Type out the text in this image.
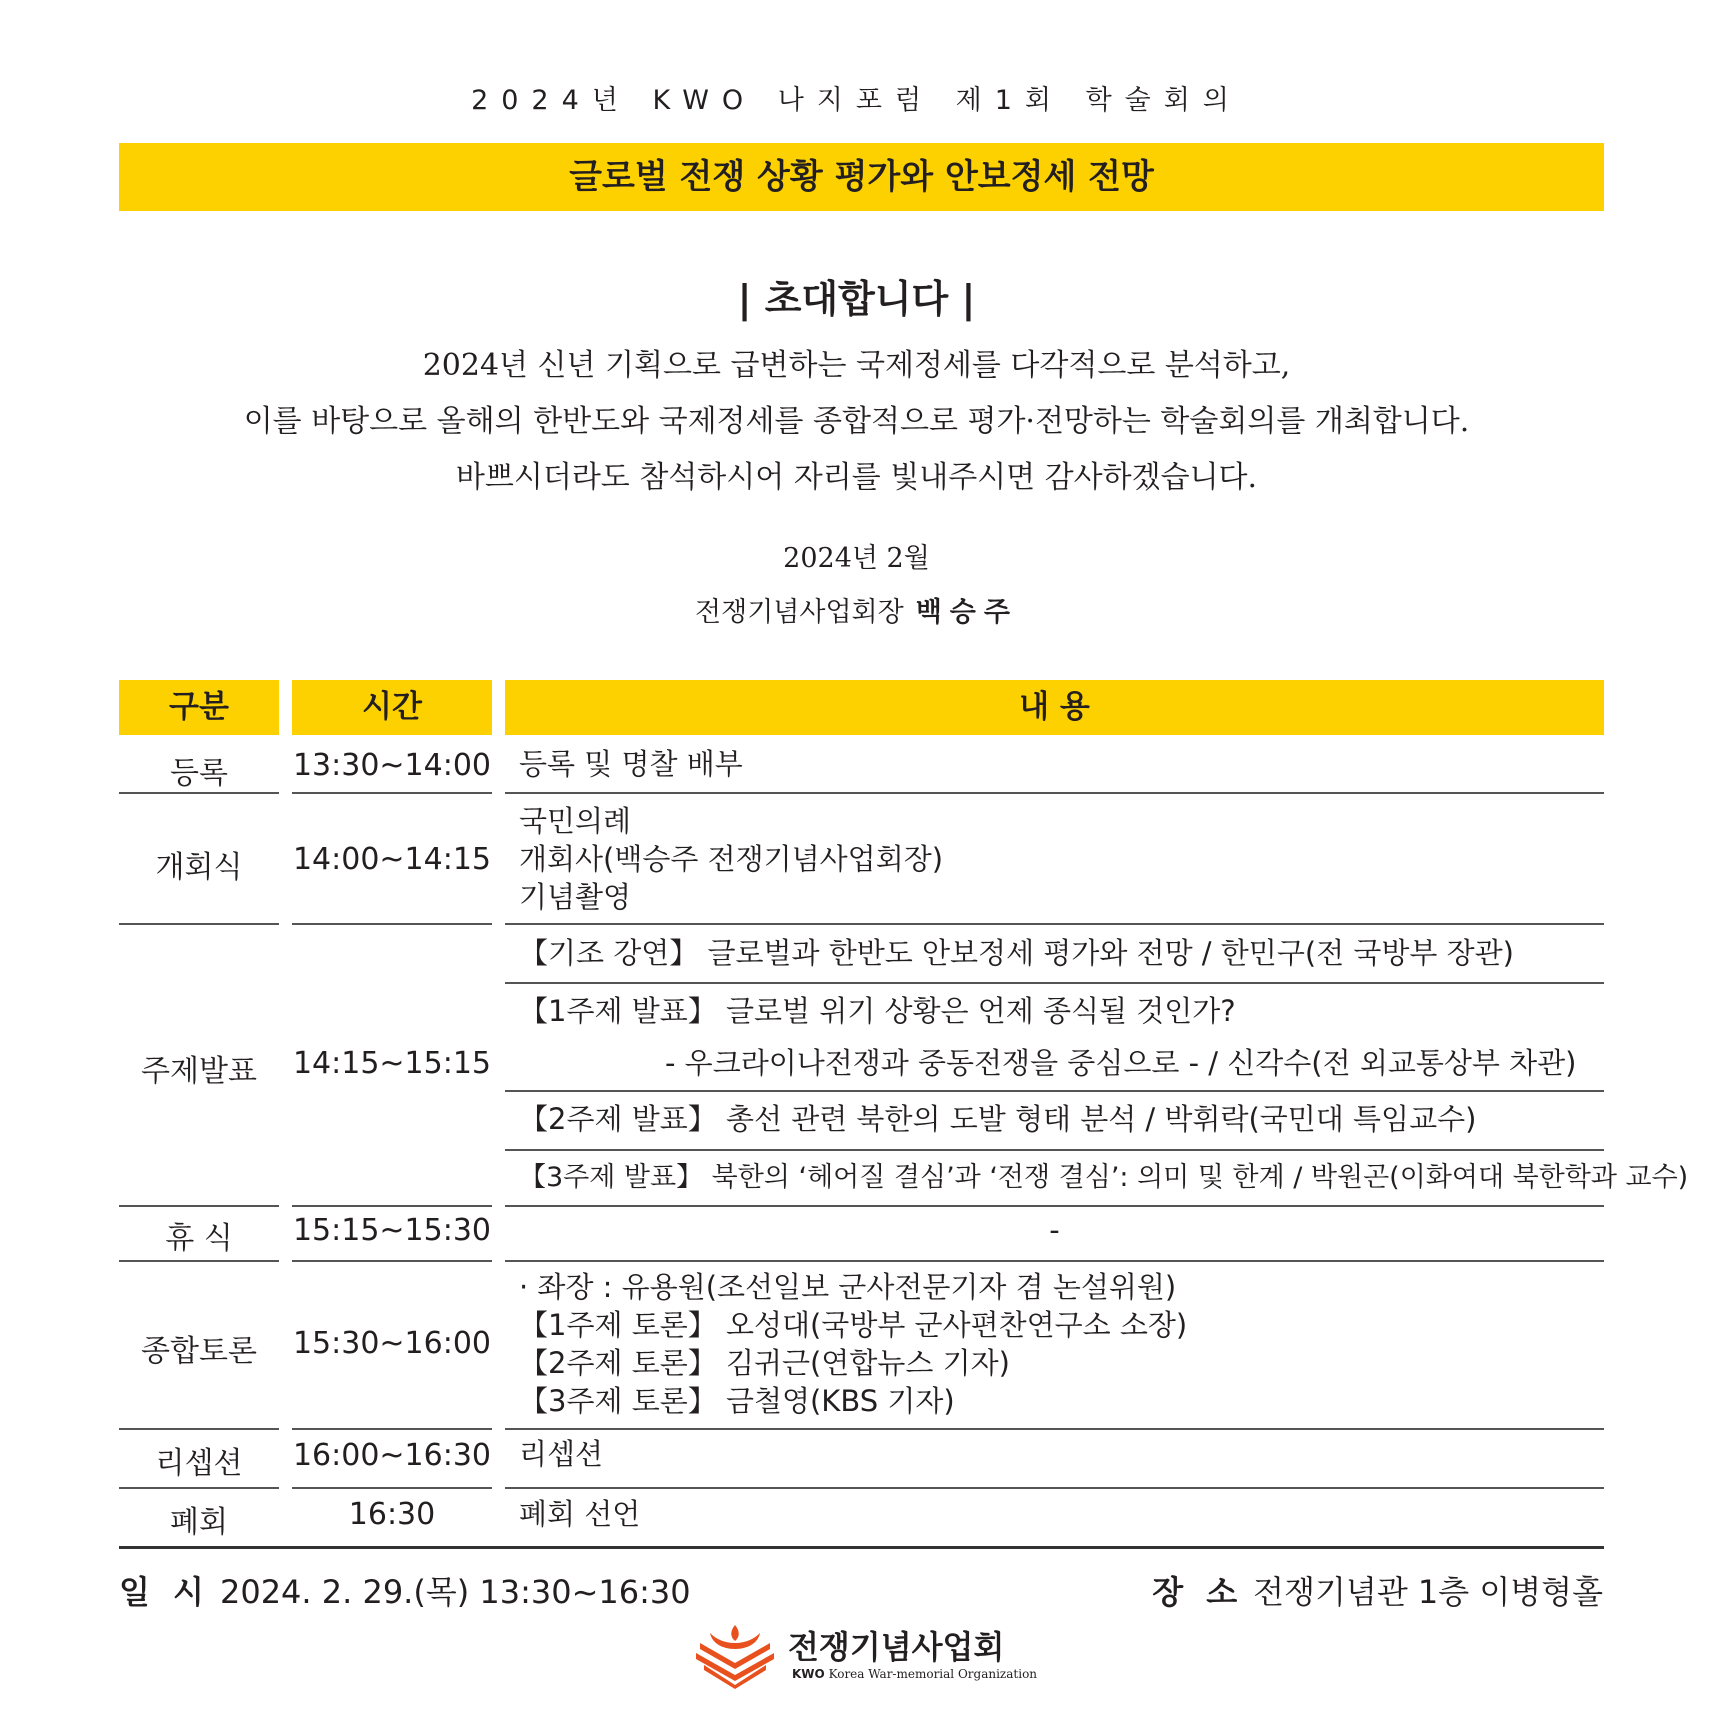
2024년 KWO 나지포럼 제1회 학술회의
글로벌 전쟁 상황 평가와 안보정세 전망
| 초대합니다 |
2024년 신년 기획으로 급변하는 국제정세를 다각적으로 분석하고,
이를 바탕으로 올해의 한반도와 국제정세를 종합적으로 평가·전망하는 학술회의를 개최합니다.
바쁘시더라도 참석하시어 자리를 빛내주시면 감사하겠습니다.
2024년 2월
전쟁기념사업회장 백승주
구분	시간	내 용
등록	13:30~14:00 등록 및 명찰 배부
개회식	14:00~14:15
국민의례
개회사(백승주 전쟁기념사업회장)
기념촬영
주제발표	14:15~15:15
【기조 강연】 글로벌과 한반도 안보정세 평가와 전망 / 한민구(전 국방부 장관)
【1주제 발표】 글로벌 위기 상황은 언제 종식될 것인가?
- 우크라이나전쟁과 중동전쟁을 중심으로 - / 신각수(전 외교통상부 차관)
【2주제 발표】 총선 관련 북한의 도발 형태 분석 / 박휘락(국민대 특임교수)
【3주제 발표】 북한의 ‘헤어질 결심’과 ‘전쟁 결심’: 의미 및 한계 / 박원곤(이화여대 북한학과 교수)
휴 식	15:15~15:30	-
종합토론	15:30~16:00
· 좌장 : 유용원(조선일보 군사전문기자 겸 논설위원)
【1주제 토론】 오성대(국방부 군사편찬연구소 소장)
【2주제 토론】 김귀근(연합뉴스 기자)
【3주제 토론】 금철영(KBS 기자)
리셉션	16:00~16:30 리셉션
폐회	16:30	폐회 선언
일 시 2024. 2. 29.(목) 13:30~16:30	장 소 전쟁기념관 1층 이병형홀
전쟁기념사업회
KWO Korea War-memorial Organization
